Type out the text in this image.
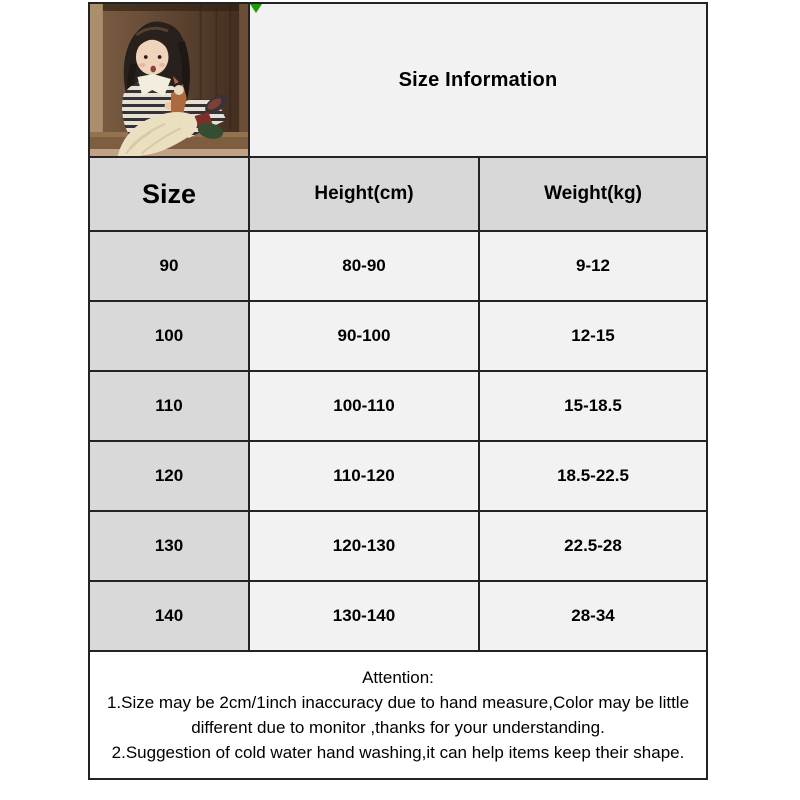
Size Information	

Size	Height(cm)	Weight(kg)
90	80-90	9-12
100	90-100	12-15
110	100-110	15-18.5
120	110-120	18.5-22.5
130	120-130	22.5-28
140	130-140	28-34

Attention:
1.Size may be 2cm/1inch inaccuracy due to hand measure,Color may be little
different due to monitor ,thanks for your understanding.
2.Suggestion of cold water hand washing,it can help items keep their shape.		
